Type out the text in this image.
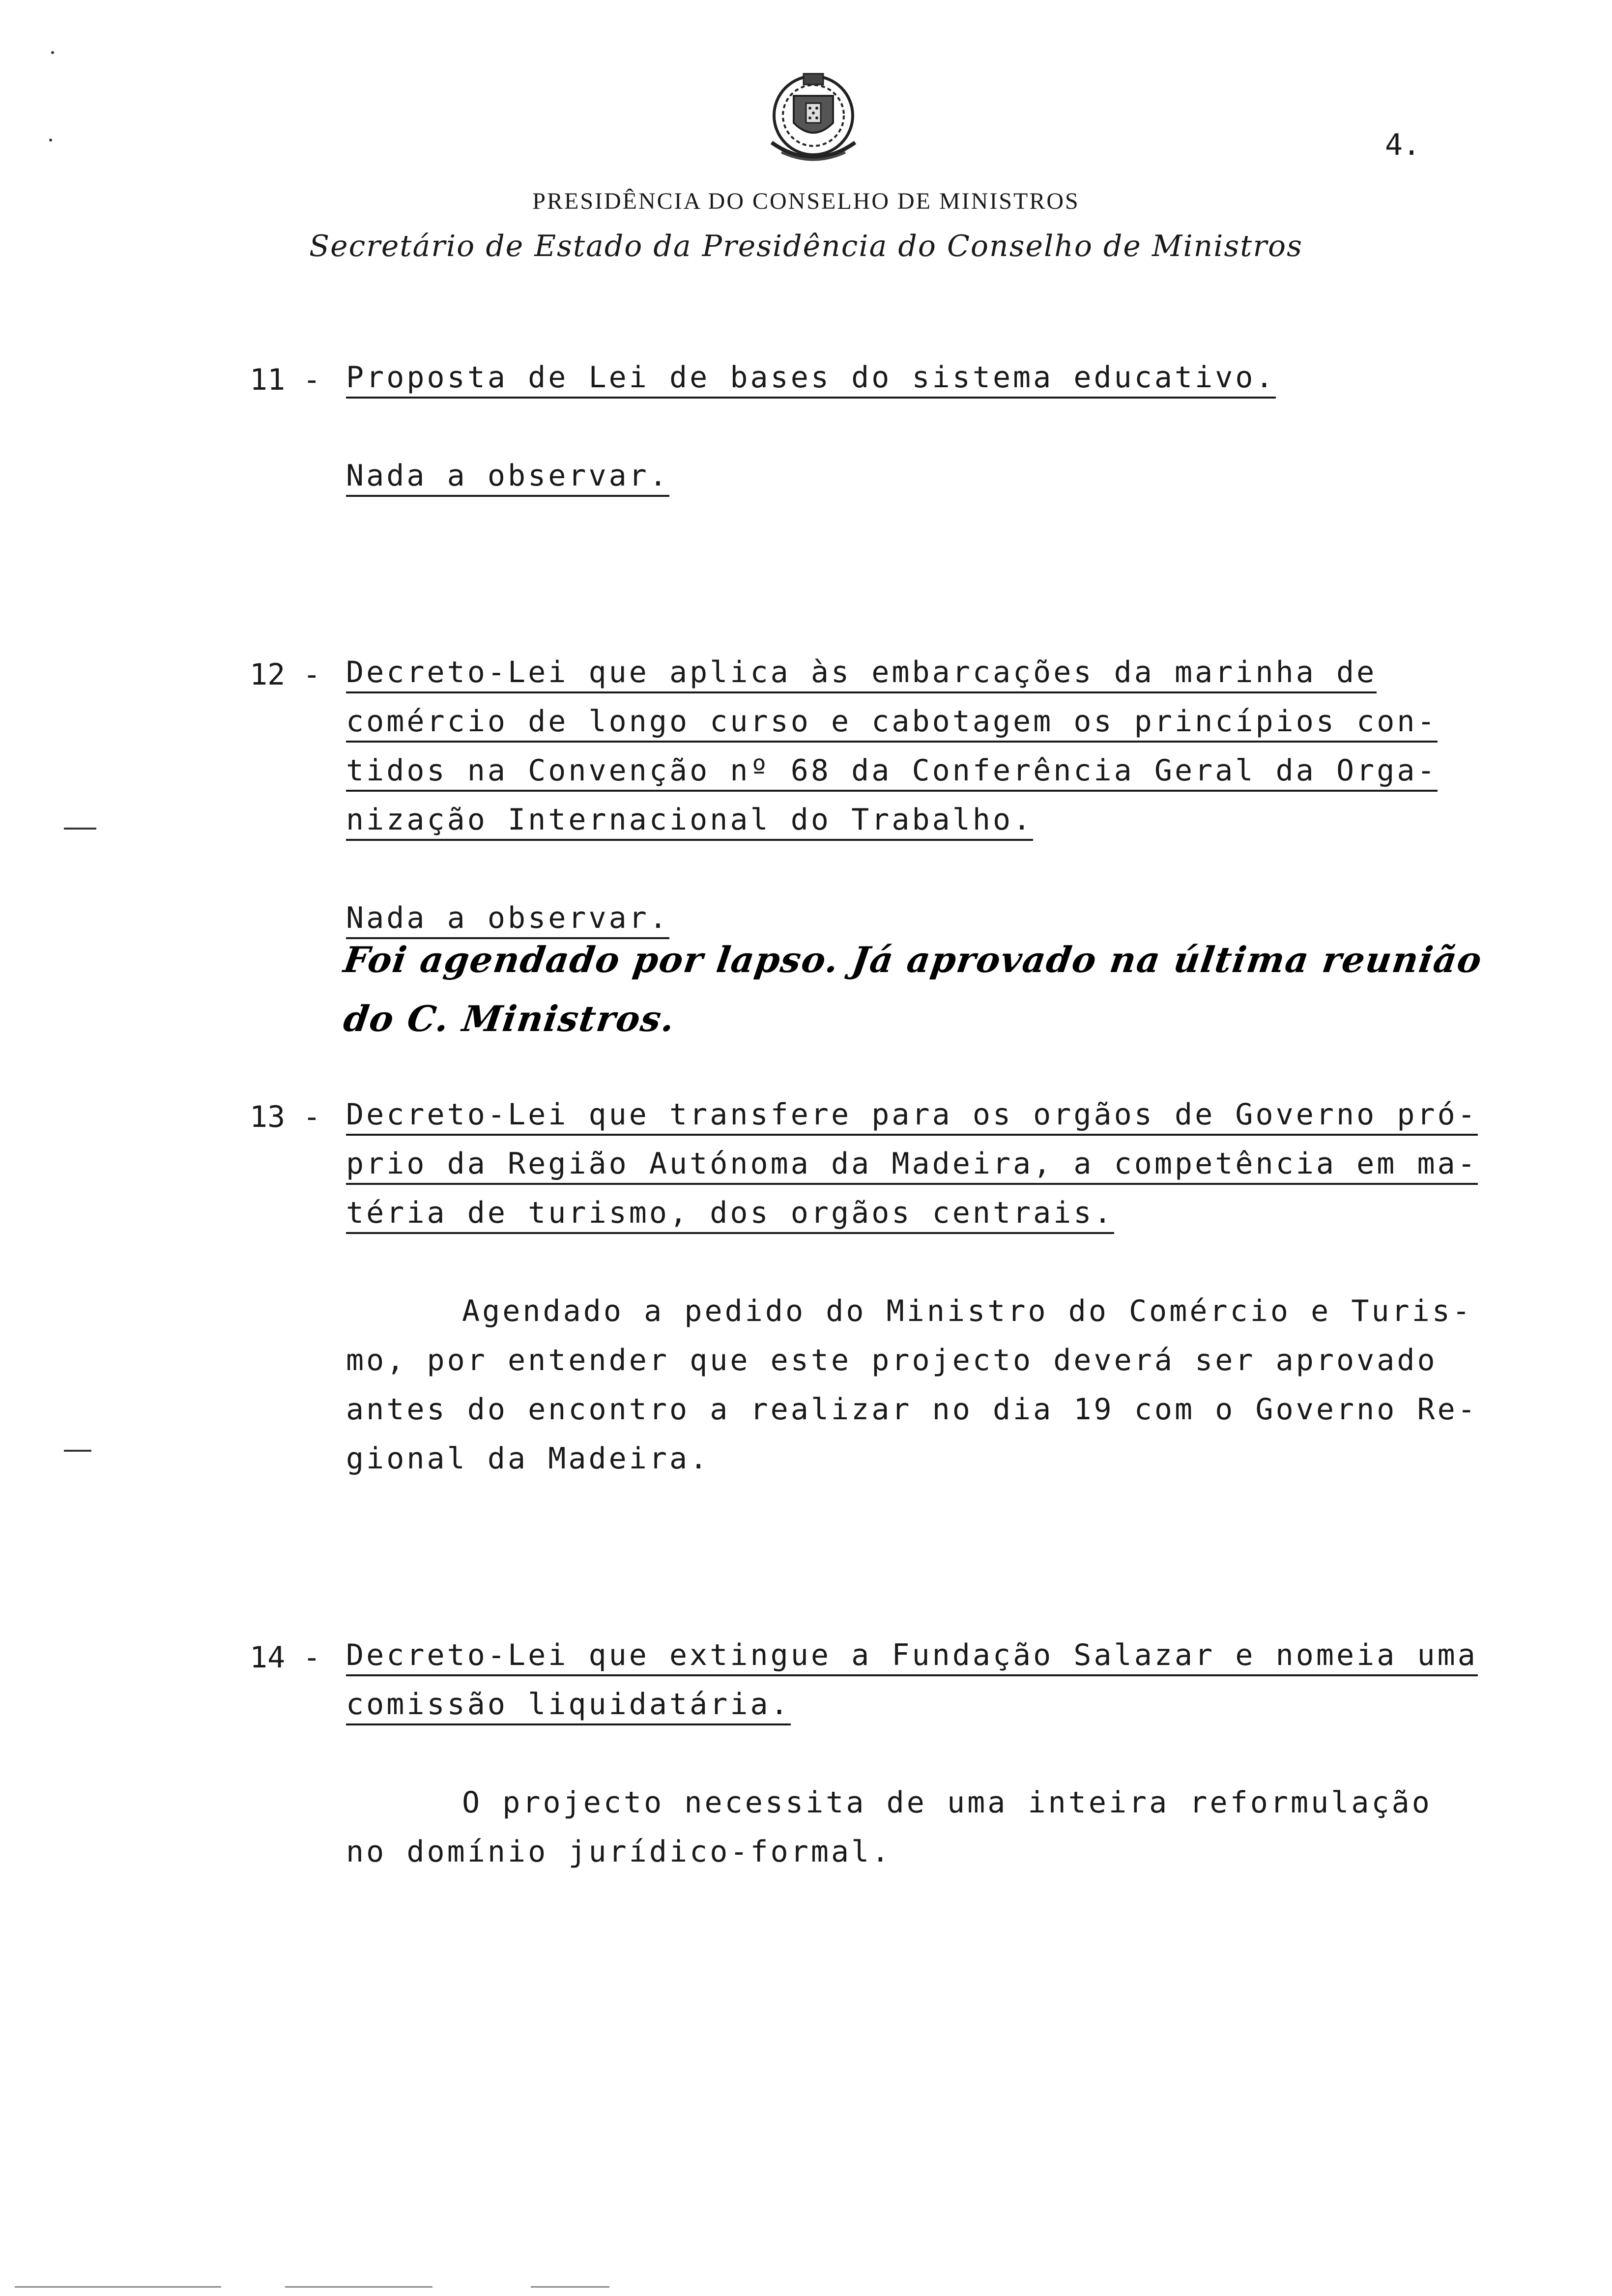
4.
PRESIDÊNCIA DO CONSELHO DE MINISTROS
Secretário de Estado da Presidência do Conselho de Ministros
11 - Proposta de Lei de bases do sistema educativo.
Nada a observar.
12 - Decreto-Lei que aplica às embarcações da marinha de
comércio de longo curso e cabotagem os princípios con-
tidos na Convenção nº 68 da Conferência Geral da Orga-
nização Internacional do Trabalho.
Nada a observar.
Foi agendado por lapso. Já aprovado na última reunião
do C. Ministros.
13 - Decreto-Lei que transfere para os orgãos de Governo pró-
prio da Região Autónoma da Madeira, a competência em ma-
téria de turismo, dos orgãos centrais.
Agendado a pedido do Ministro do Comércio e Turis-
mo, por entender que este projecto deverá ser aprovado
antes do encontro a realizar no dia 19 com o Governo Re-
gional da Madeira.
14 - Decreto-Lei que extingue a Fundação Salazar e nomeia uma
comissão liquidatária.
O projecto necessita de uma inteira reformulação
no domínio jurídico-formal.
